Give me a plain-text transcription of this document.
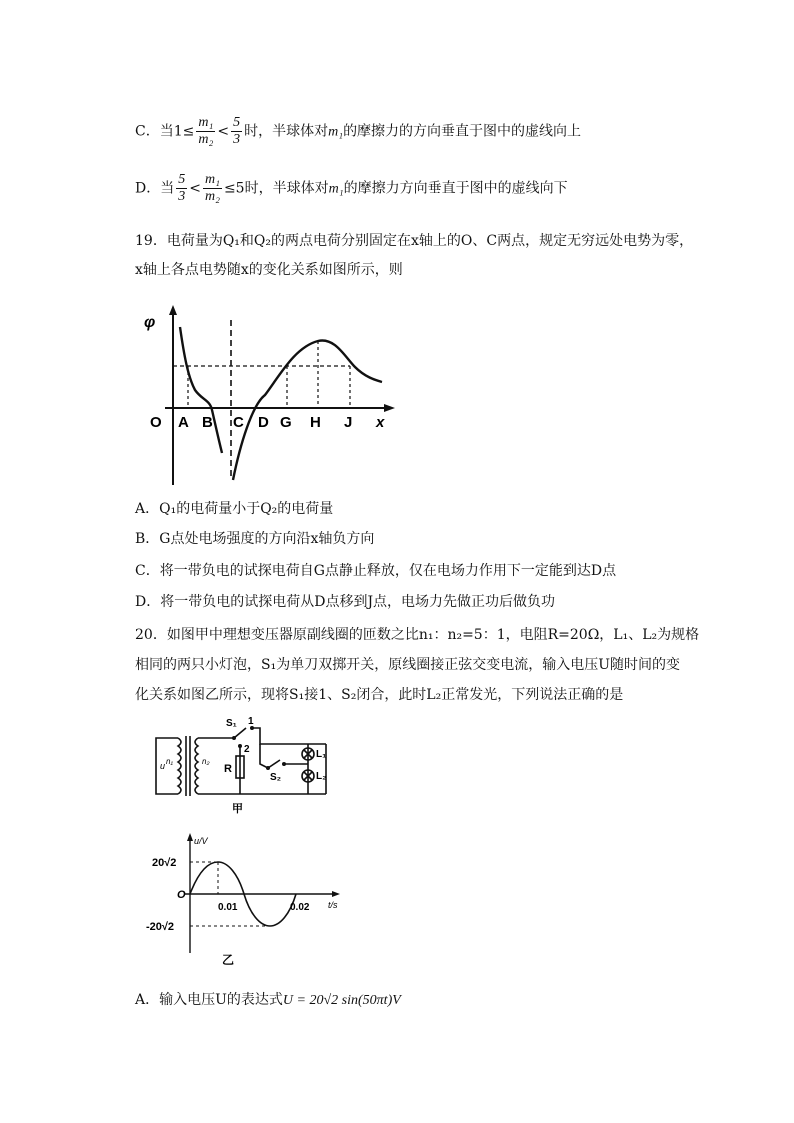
C．当$1\le \frac{\text{m₁}}{\text{m₂}} < \frac{5}{3}$ 时，半球体对m₁的摩擦力的方向垂直于图中的虚线向上
D．当 $\frac{5}{3} < \frac{\text{m₁}}{\text{m₂}} \le 5$时，半球体对m₁的摩擦力方向垂直于图中的虚线向下
19．电荷量为Q₁和Q₂的两点电荷分别固定在x轴上的O、C两点，规定无穷远处电势为零，
x轴上各点电势随x的变化关系如图所示，则
φ
x
O A B C D G H J
A．Q₁的电荷量小于Q₂的电荷量
B．G点处电场强度的方向沿x轴负方向
C．将一带负电的试探电荷自G点静止释放，仅在电场力作用下一定能到达D点
D．将一带负电的试探电荷从D点移到J点，电场力先做正功后做负功
20．如图甲中理想变压器原副线圈的匝数之比n₁：n₂=5：1，电阻R=20Ω，L₁、L₂为规格
相同的两只小灯泡，S₁为单刀双掷开关，原线圈接正弦交变电流，输入电压U随时间的变
化关系如图乙所示，现将S₁接1、S₂闭合，此时L₂正常发光，下列说法正确的是
S₁ 1
2
R
S₂
L₁
L₂
u n₁	n₂
甲
u/V
t/s
20√2
-20√2
O
0.01	0.02
乙
A．输入电压U的表达式U = 20√2 sin(50πt)V
